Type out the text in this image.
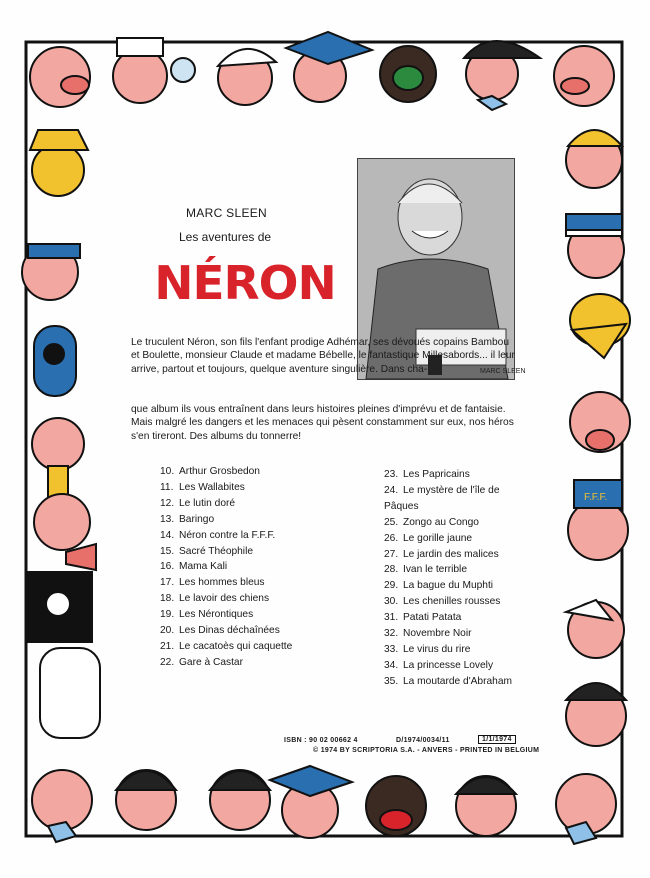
F.F.F.
MARC SLEEN
Les aventures de
NÉRON
MARC SLEEN

Le truculent Néron, son fils l'enfant prodige Adhémar, ses dévoués copains Bambou et Boulette, monsieur Claude et madame Bébelle, le fantastique Millesabords... il leur arrive, partout et toujours, quelque aventure singulière. Dans cha-

que album ils vous entraînent dans leurs histoires pleines d'imprévu et de fantaisie. Mais malgré les dangers et les menaces qui pèsent constamment sur eux, nos héros s'en tireront. Des albums du tonnerre!

10. Arthur Grosbedon
11. Les Wallabites
12. Le lutin doré
13. Baringo
14. Néron contre la F.F.F.
15. Sacré Théophile
16. Mama Kali
17. Les hommes bleus
18. Le lavoir des chiens
19. Les Nérontiques
20. Les Dinas déchaînées
21. Le cacatoès qui caquette
22. Gare à Castar
23. Les Papricains
24. Le mystère de l'île de Pâques
25. Zongo au Congo
26. Le gorille jaune
27. Le jardin des malices
28. Ivan le terrible
29. La bague du Muphti
30. Les chenilles rousses
31. Patati Patata
32. Novembre Noir
33. Le virus du rire
34. La princesse Lovely
35. La moutarde d'Abraham
ISBN : 90 02 00662 4	D/1974/0034/11	1/1/1974
© 1974 BY SCRIPTORIA S.A. - ANVERS - PRINTED IN BELGIUM
